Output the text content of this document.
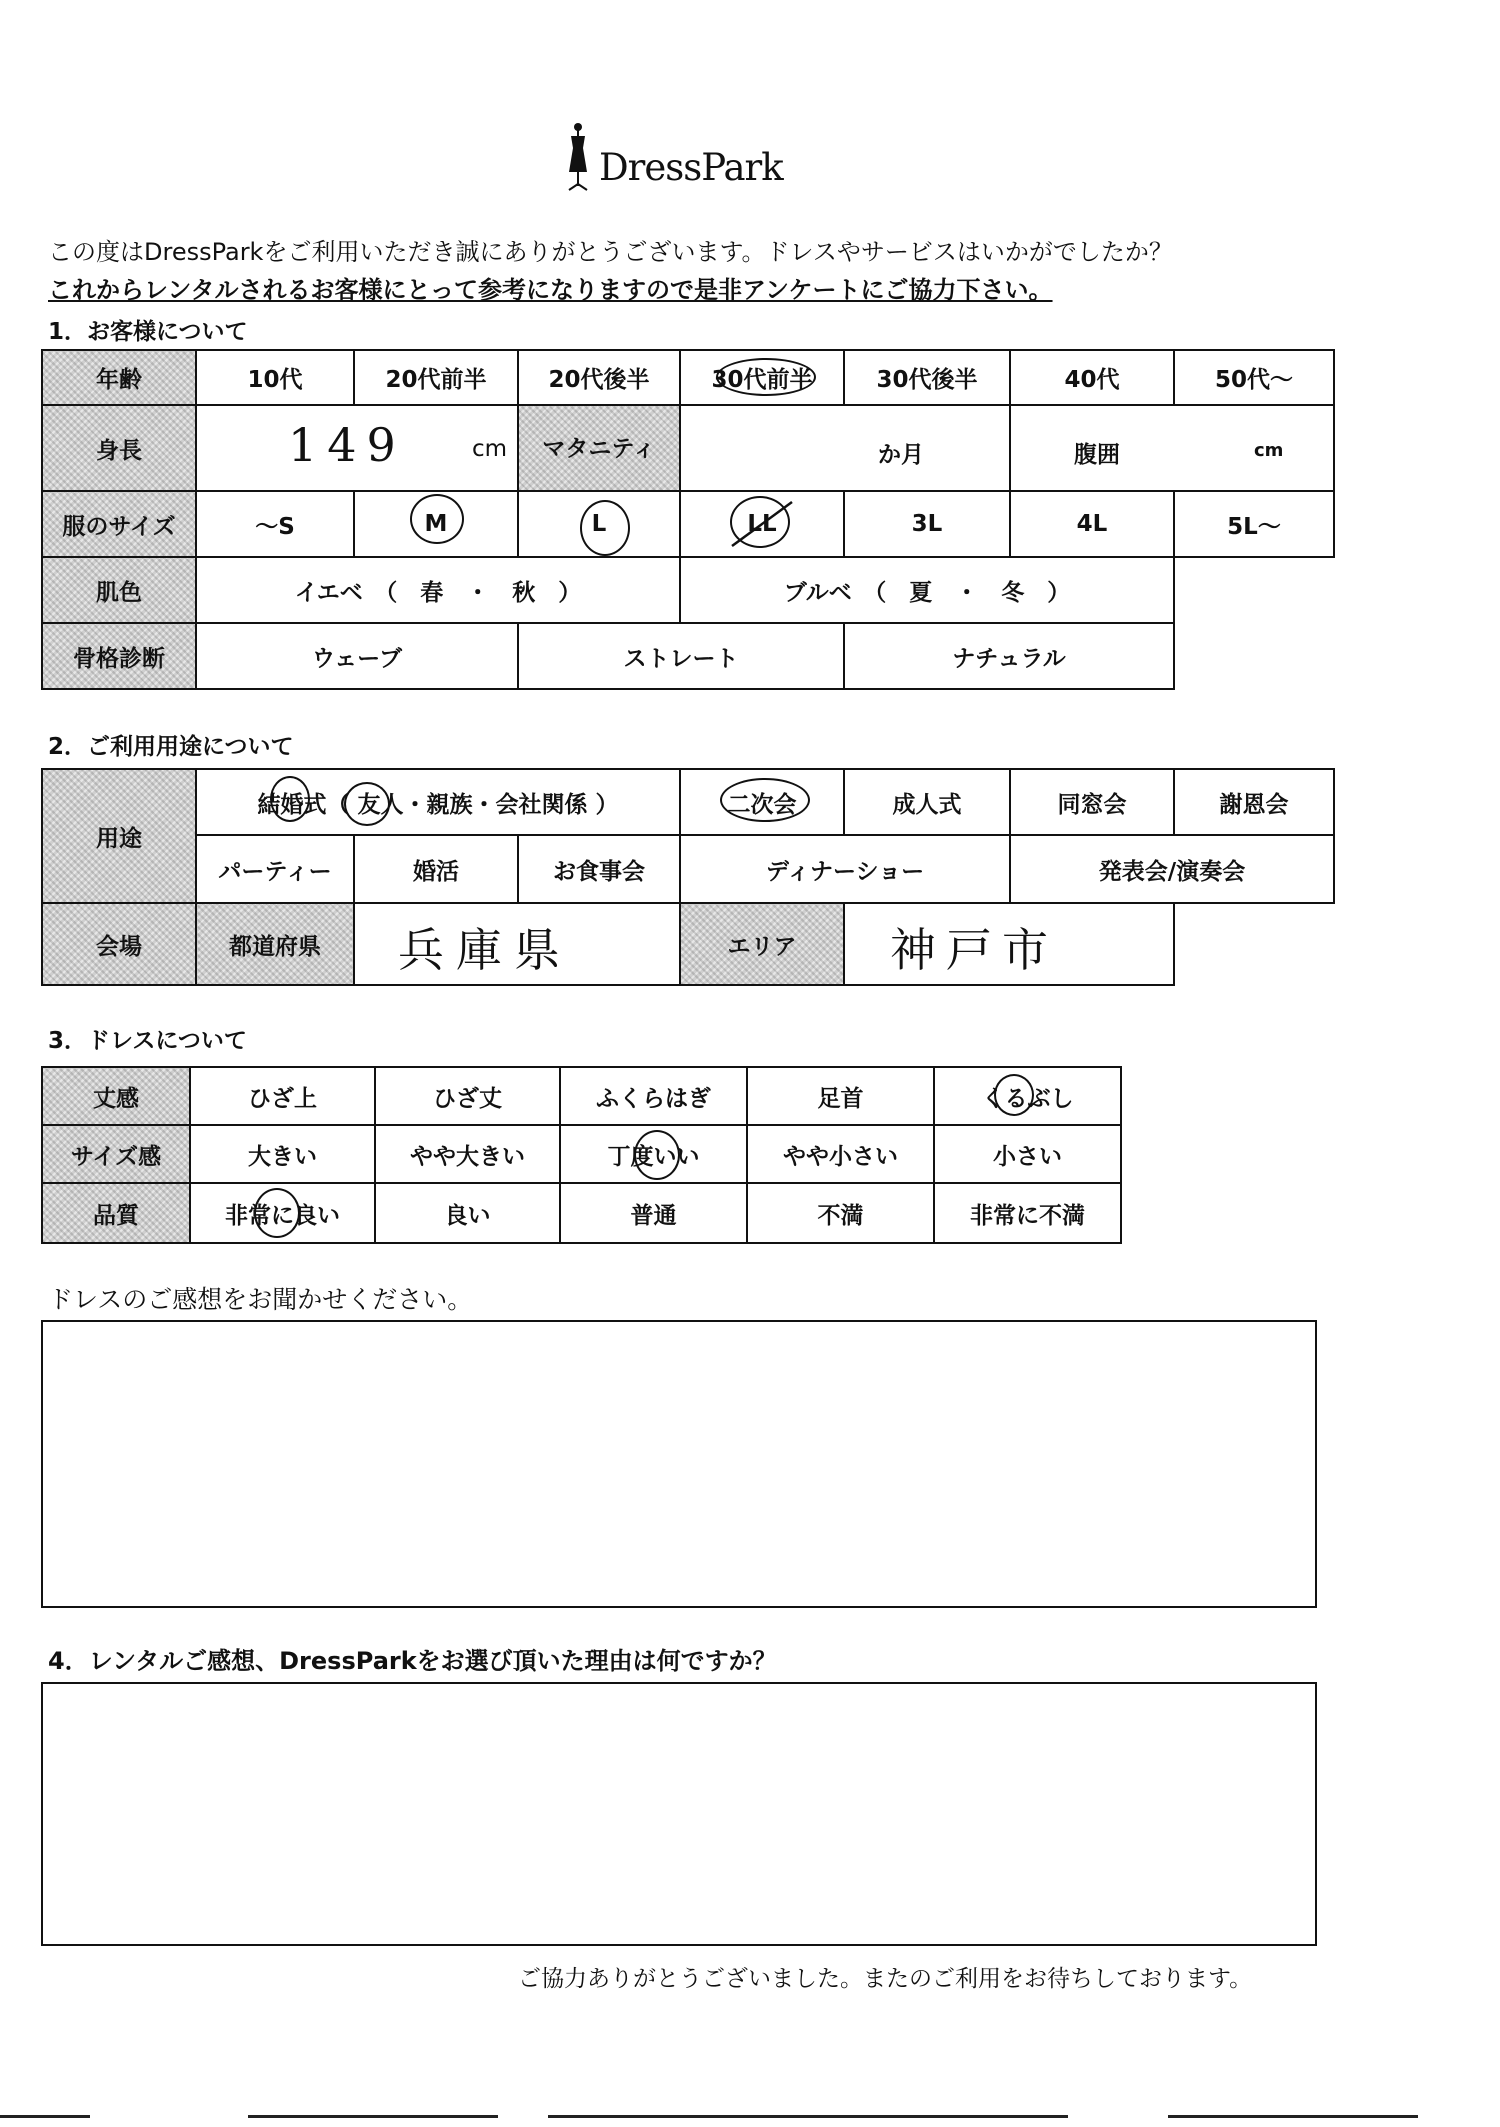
DressPark
この度はDressParkをご利用いただき誠にありがとうございます。ドレスやサービスはいかがでしたか？
これからレンタルされるお客様にとって参考になりますので是非アンケートにご協力下さい。
1．お客様について
年齢	10代	20代前半	20代後半	30代前半	30代後半	40代	50代～
身長	149	cm	マタニティ	か月	腹囲	cm
服のサイズ	～S	M	L	LL	3L	4L	5L～
肌色	イエベ　（　春　・　秋　）	ブルベ　（　夏　・　冬　）
骨格診断	ウェーブ	ストレート	ナチュラル
2．ご利用用途について
用途
結婚式（ 友人・親族・会社関係 ）	二次会	成人式	同窓会	謝恩会
パーティー	婚活	お食事会	ディナーショー	発表会/演奏会
会場	都道府県	兵庫県	エリア	神戸市
3．ドレスについて
丈感	ひざ上	ひざ丈	ふくらはぎ	足首	くるぶし
サイズ感	大きい	やや大きい	丁度いい	やや小さい	小さい
品質	非常に良い	良い	普通	不満	非常に不満
ドレスのご感想をお聞かせください。
4．レンタルご感想、DressParkをお選び頂いた理由は何ですか？
ご協力ありがとうございました。またのご利用をお待ちしております。
